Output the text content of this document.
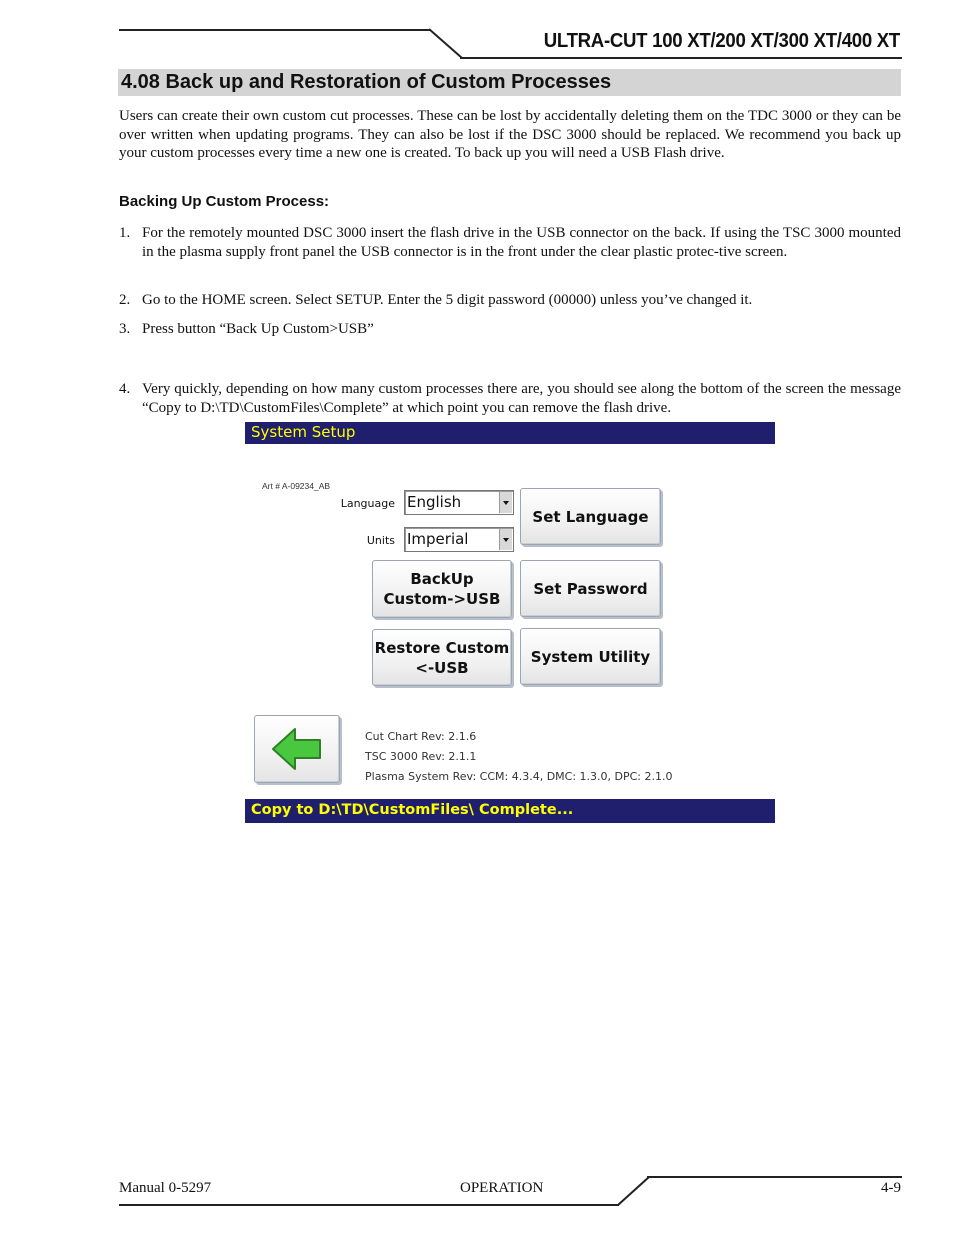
ULTRA-CUT 100 XT/200 XT/300 XT/400 XT
4.08 Back up and Restoration of Custom Processes
Users can create their own custom cut processes. These can be lost by accidentally deleting them on the TDC 3000 or they can be over written when updating programs. They can also be lost if the DSC 3000 should be replaced. We recommend you back up your custom processes every time a new one is created. To back up you will need a USB Flash drive.
Backing Up Custom Process:
1. For the remotely mounted DSC 3000 insert the flash drive in the USB connector on the back. If using the TSC 3000 mounted in the plasma supply front panel the USB connector is in the front under the clear plastic protec-tive screen.
2. Go to the HOME screen. Select SETUP. Enter the 5 digit password (00000) unless you’ve changed it.
3. Press button “Back Up Custom>USB”
4. Very quickly, depending on how many custom processes there are, you should see along the bottom of the screen the message “Copy to D:\TD\CustomFiles\Complete” at which point you can remove the flash drive.
System Setup
Art # A-09234_AB
Language English
Units Imperial
Set Language
BackUp
Custom->USB
Set Password
Restore Custom
<-USB
System Utility
Cut Chart Rev: 2.1.6
TSC 3000 Rev: 2.1.1
Plasma System Rev: CCM: 4.3.4, DMC: 1.3.0, DPC: 2.1.0
Copy to D:\TD\CustomFiles\ Complete...
Manual 0-5297	OPERATION	4-9
